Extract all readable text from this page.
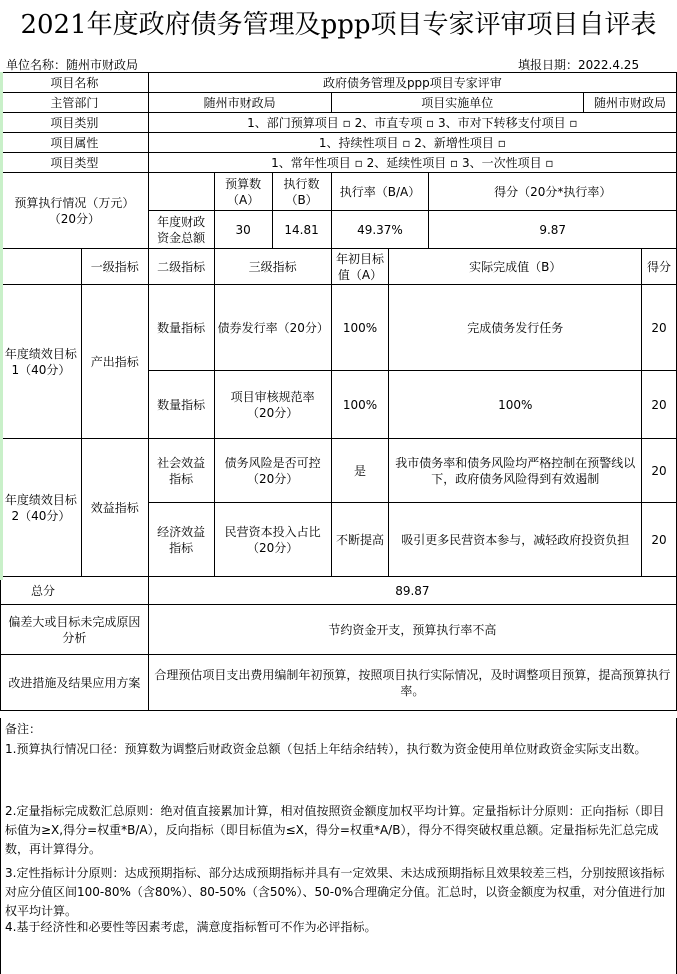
2021年度政府债务管理及ppp项目专家评审项目自评表
单位名称：随州市财政局	填报日期：2022.4.25
项目名称		政府债务管理及ppp项目专家评审							
主管部门		随州市财政局			项目实施单位			随州市财政局	
项目类别		1、部门预算项目 ▫ 2、市直专项 ▫ 3、市对下转移支付项目 ▫							
项目属性		1、持续性项目 ▫ 2、新增性项目 ▫							
项目类型		1、常年性项目 ▫ 2、延续性项目 ▫ 3、一次性项目 ▫							
预算执行情况（万元）（20分）			预算数（A）	执行数（B）	执行率（B/A）		得分（20分*执行率）		
		年度财政资金总额	30	14.81	49.37%		9.87		
	一级指标	二级指标	三级指标		年初目标值（A）	实际完成值（B）			得分
年度绩效目标1（40分）	产出指标	数量指标	债券发行率（20分）		100%	完成债务发行任务			20
		数量指标	项目审核规范率（20分）		100%	100%			20
年度绩效目标2（40分）	效益指标	社会效益指标	债务风险是否可控（20分）		是	我市债务率和债务风险均严格控制在预警线以下，政府债务风险得到有效遏制			20
		经济效益指标	民营资本投入占比（20分）		不断提高	吸引更多民营资本参与，减轻政府投资负担			20
总分		89.87							
偏差大或目标未完成原因分析		节约资金开支，预算执行率不高							
改进措施及结果应用方案		合理预估项目支出费用编制年初预算，按照项目执行实际情况，及时调整项目预算，提高预算执行率。							
备注：
1.预算执行情况口径：预算数为调整后财政资金总额（包括上年结余结转），执行数为资金使用单位财政资金实际支出数。
2.定量指标完成数汇总原则：绝对值直接累加计算，相对值按照资金额度加权平均计算。定量指标计分原则：正向指标（即目标值为≥X,得分=权重*B/A），反向指标（即目标值为≤X，得分=权重*A/B），得分不得突破权重总额。定量指标先汇总完成数，再计算得分。
3.定性指标计分原则：达成预期指标、部分达成预期指标并具有一定效果、未达成预期指标且效果较差三档，分别按照该指标对应分值区间100-80%（含80%）、80-50%（含50%）、50-0%合理确定分值。汇总时，以资金额度为权重，对分值进行加权平均计算。
4.基于经济性和必要性等因素考虑，满意度指标暂可不作为必评指标。
